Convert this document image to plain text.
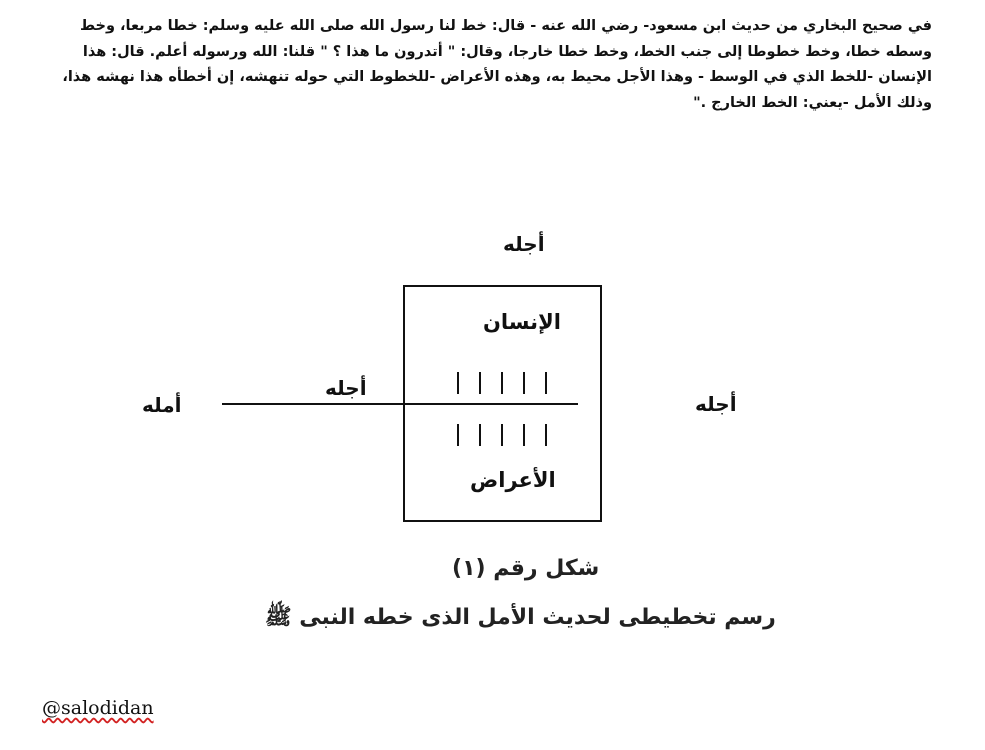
في صحيح البخاري من حديث ابن مسعود- رضي الله عنه - قال: خط لنا رسول الله صلى الله عليه وسلم: خطا مربعا، وخط
وسطه خطا، وخط خطوطا إلى جنب الخط، وخط خطا خارجا، وقال: " أتدرون ما هذا ؟ " قلنا: الله ورسوله أعلم. قال: هذا
الإنسان -للخط الذي في الوسط - وهذا الأجل محيط به، وهذه الأعراض -للخطوط التي حوله تنهشه، إن أخطأه هذا نهشه هذا،
وذلك الأمل -يعني: الخط الخارج ."
أجله
الإنسان
أجله
أجله
أمله
الأعراض
شكل رقم (١)
رسم تخطيطى لحديث الأمل الذى خطه النبى ﷺ
@salodidan
